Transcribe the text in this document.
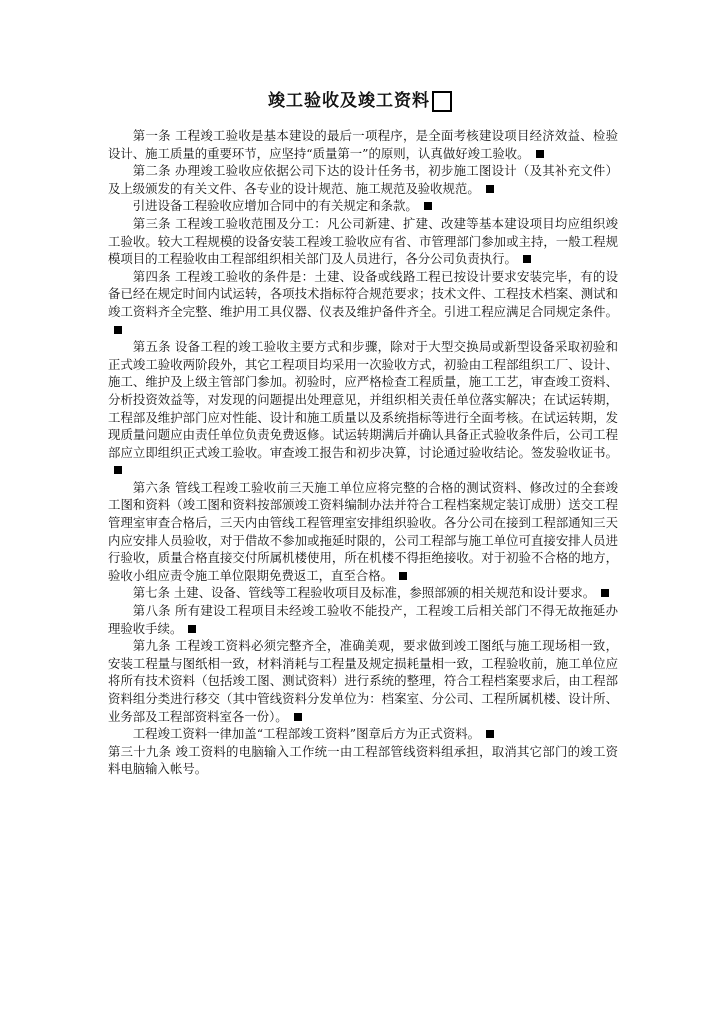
竣工验收及竣工资料

第一条 工程竣工验收是基本建设的最后一项程序，是全面考核建设项目经济效益、检验设计、施工质量的重要环节，应坚持“质量第一”的原则，认真做好竣工验收。

第二条 办理竣工验收应依据公司下达的设计任务书，初步施工图设计（及其补充文件）及上级颁发的有关文件、各专业的设计规范、施工规范及验收规范。

引进设备工程验收应增加合同中的有关规定和条款。

第三条 工程竣工验收范围及分工：凡公司新建、扩建、改建等基本建设项目均应组织竣工验收。较大工程规模的设备安装工程竣工验收应有省、市管理部门参加或主持，一般工程规模项目的工程验收由工程部组织相关部门及人员进行，各分公司负责执行。

第四条 工程竣工验收的条件是：土建、设备或线路工程已按设计要求安装完毕，有的设备已经在规定时间内试运转，各项技术指标符合规范要求；技术文件、工程技术档案、测试和竣工资料齐全完整、维护用工具仪器、仪表及维护备件齐全。引进工程应满足合同规定条件。

第五条 设备工程的竣工验收主要方式和步骤，除对于大型交换局或新型设备采取初验和正式竣工验收两阶段外，其它工程项目均采用一次验收方式，初验由工程部组织工厂、设计、施工、维护及上级主管部门参加。初验时，应严格检查工程质量，施工工艺，审查竣工资料、分析投资效益等，对发现的问题提出处理意见，并组织相关责任单位落实解决；在试运转期，工程部及维护部门应对性能、设计和施工质量以及系统指标等进行全面考核。在试运转期，发现质量问题应由责任单位负责免费返修。试运转期满后并确认具备正式验收条件后，公司工程部应立即组织正式竣工验收。审查竣工报告和初步决算，讨论通过验收结论。签发验收证书。

第六条 管线工程竣工验收前三天施工单位应将完整的合格的测试资料、修改过的全套竣工图和资料（竣工图和资料按部颁竣工资料编制办法并符合工程档案规定装订成册）送交工程管理室审查合格后，三天内由管线工程管理室安排组织验收。各分公司在接到工程部通知三天内应安排人员验收，对于借故不参加或拖延时限的，公司工程部与施工单位可直接安排人员进行验收，质量合格直接交付所属机楼使用，所在机楼不得拒绝接收。对于初验不合格的地方，验收小组应责令施工单位限期免费返工，直至合格。

第七条 土建、设备、管线等工程验收项目及标准，参照部颁的相关规范和设计要求。

第八条 所有建设工程项目未经竣工验收不能投产，工程竣工后相关部门不得无故拖延办理验收手续。

第九条 工程竣工资料必须完整齐全，准确美观，要求做到竣工图纸与施工现场相一致，安装工程量与图纸相一致，材料消耗与工程量及规定损耗量相一致，工程验收前，施工单位应将所有技术资料（包括竣工图、测试资料）进行系统的整理，符合工程档案要求后，由工程部资料组分类进行移交（其中管线资料分发单位为：档案室、分公司、工程所属机楼、设计所、业务部及工程部资料室各一份）。

工程竣工资料一律加盖“工程部竣工资料”图章后方为正式资料。

第三十九条 竣工资料的电脑输入工作统一由工程部管线资料组承担，取消其它部门的竣工资料电脑输入帐号。
